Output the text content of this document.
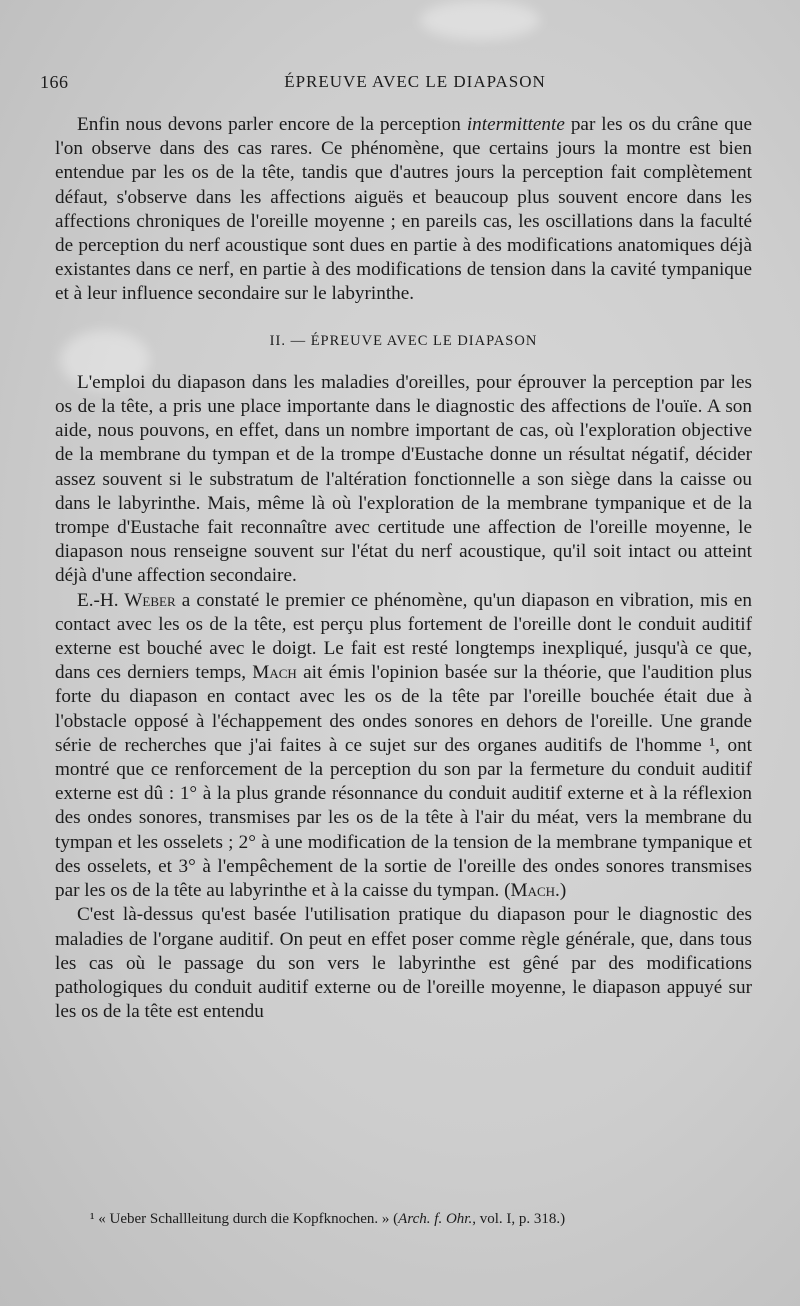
166	ÉPREUVE AVEC LE DIAPASON

Enfin nous devons parler encore de la perception intermittente par les os du crâne que l'on observe dans des cas rares. Ce phénomène, que certains jours la montre est bien entendue par les os de la tête, tandis que d'autres jours la perception fait complètement défaut, s'observe dans les affections aiguës et beaucoup plus souvent encore dans les affections chroniques de l'oreille moyenne ; en pareils cas, les oscillations dans la faculté de perception du nerf acoustique sont dues en partie à des modifications anatomiques déjà existantes dans ce nerf, en partie à des modifications de tension dans la cavité tympanique et à leur influence secondaire sur le labyrinthe.

II. — ÉPREUVE AVEC LE DIAPASON

L'emploi du diapason dans les maladies d'oreilles, pour éprouver la perception par les os de la tête, a pris une place importante dans le diagnostic des affections de l'ouïe. A son aide, nous pouvons, en effet, dans un nombre important de cas, où l'exploration objective de la membrane du tympan et de la trompe d'Eustache donne un résultat négatif, décider assez souvent si le substratum de l'altération fonctionnelle a son siège dans la caisse ou dans le labyrinthe. Mais, même là où l'exploration de la membrane tympanique et de la trompe d'Eustache fait reconnaître avec certitude une affection de l'oreille moyenne, le diapason nous renseigne souvent sur l'état du nerf acoustique, qu'il soit intact ou atteint déjà d'une affection secondaire.

E.-H. Weber a constaté le premier ce phénomène, qu'un diapason en vibration, mis en contact avec les os de la tête, est perçu plus fortement de l'oreille dont le conduit auditif externe est bouché avec le doigt. Le fait est resté longtemps inexpliqué, jusqu'à ce que, dans ces derniers temps, Mach ait émis l'opinion basée sur la théorie, que l'audition plus forte du diapason en contact avec les os de la tête par l'oreille bouchée était due à l'obstacle opposé à l'échappement des ondes sonores en dehors de l'oreille. Une grande série de recherches que j'ai faites à ce sujet sur des organes auditifs de l'homme ¹, ont montré que ce renforcement de la perception du son par la fermeture du conduit auditif externe est dû : 1° à la plus grande résonnance du conduit auditif externe et à la réflexion des ondes sonores, transmises par les os de la tête à l'air du méat, vers la membrane du tympan et les osselets ; 2° à une modification de la tension de la membrane tympanique et des osselets, et 3° à l'empêchement de la sortie de l'oreille des ondes sonores transmises par les os de la tête au labyrinthe et à la caisse du tympan. (Mach.)

C'est là-dessus qu'est basée l'utilisation pratique du diapason pour le diagnostic des maladies de l'organe auditif. On peut en effet poser comme règle générale, que, dans tous les cas où le passage du son vers le labyrinthe est gêné par des modifications pathologiques du conduit auditif externe ou de l'oreille moyenne, le diapason appuyé sur les os de la tête est entendu

¹ « Ueber Schallleitung durch die Kopfknochen. » (Arch. f. Ohr., vol. I, p. 318.)
